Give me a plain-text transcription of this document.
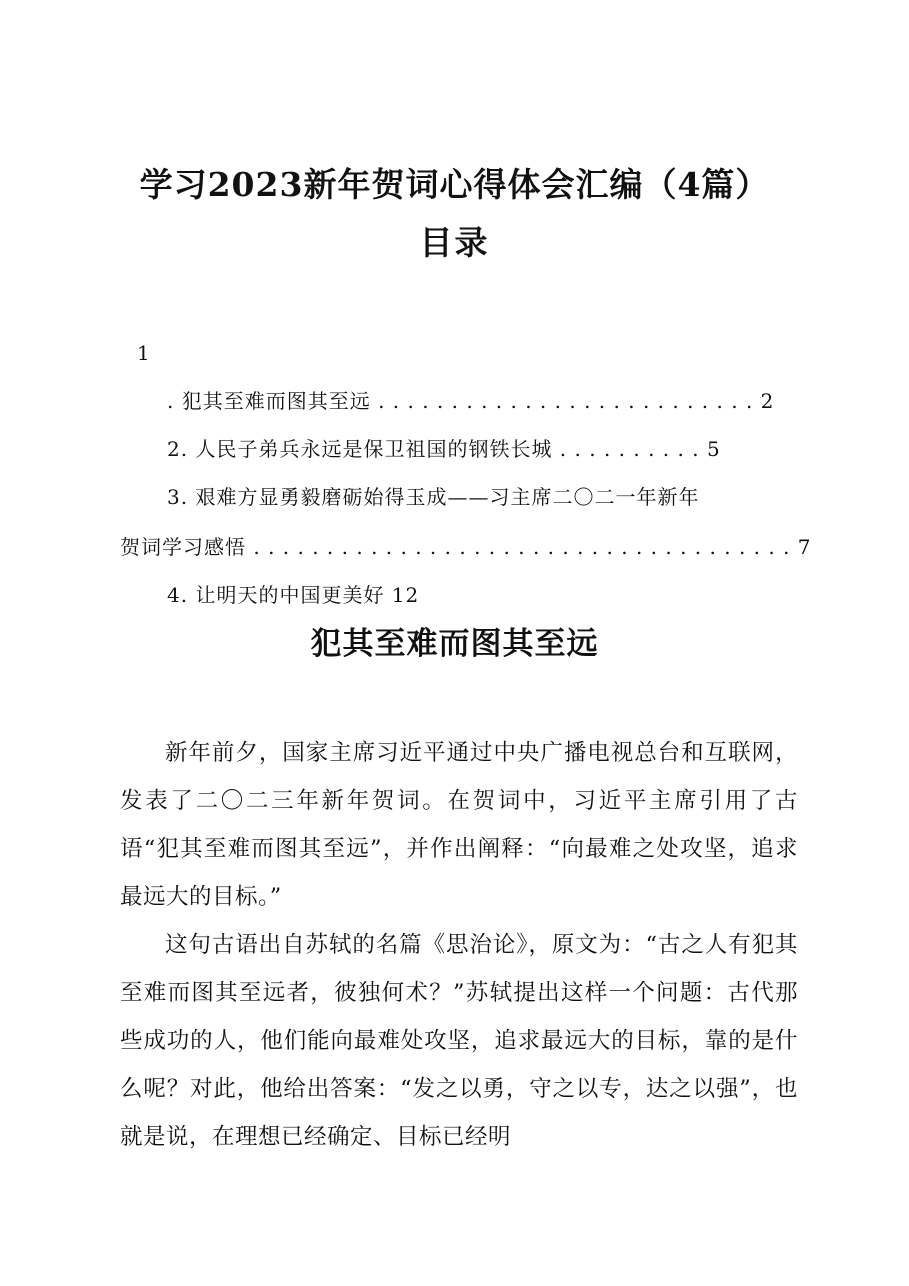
学习2023新年贺词心得体会汇编（4篇）
目录
1
. 犯其至难而图其至远 . . . . . . . . . . . . . . . . . . . . . . . . . . 2
2. 人民子弟兵永远是保卫祖国的钢铁长城 . . . . . . . . . . 5
3. 艰难方显勇毅磨砺始得玉成——习主席二〇二一年新年
贺词学习感悟 . . . . . . . . . . . . . . . . . . . . . . . . . . . . . . . . . . . . . 7
4. 让明天的中国更美好 12
犯其至难而图其至远

新年前夕，国家主席习近平通过中央广播电视总台和互联网，发表了二〇二三年新年贺词。在贺词中，习近平主席引用了古语“犯其至难而图其至远”，并作出阐释：“向最难之处攻坚，追求最远大的目标。”

这句古语出自苏轼的名篇《思治论》，原文为：“古之人有犯其至难而图其至远者，彼独何术？”苏轼提出这样一个问题：古代那些成功的人，他们能向最难处攻坚，追求最远大的目标，靠的是什么呢？对此，他给出答案：“发之以勇，守之以专，达之以强”，也就是说，在理想已经确定、目标已经明
